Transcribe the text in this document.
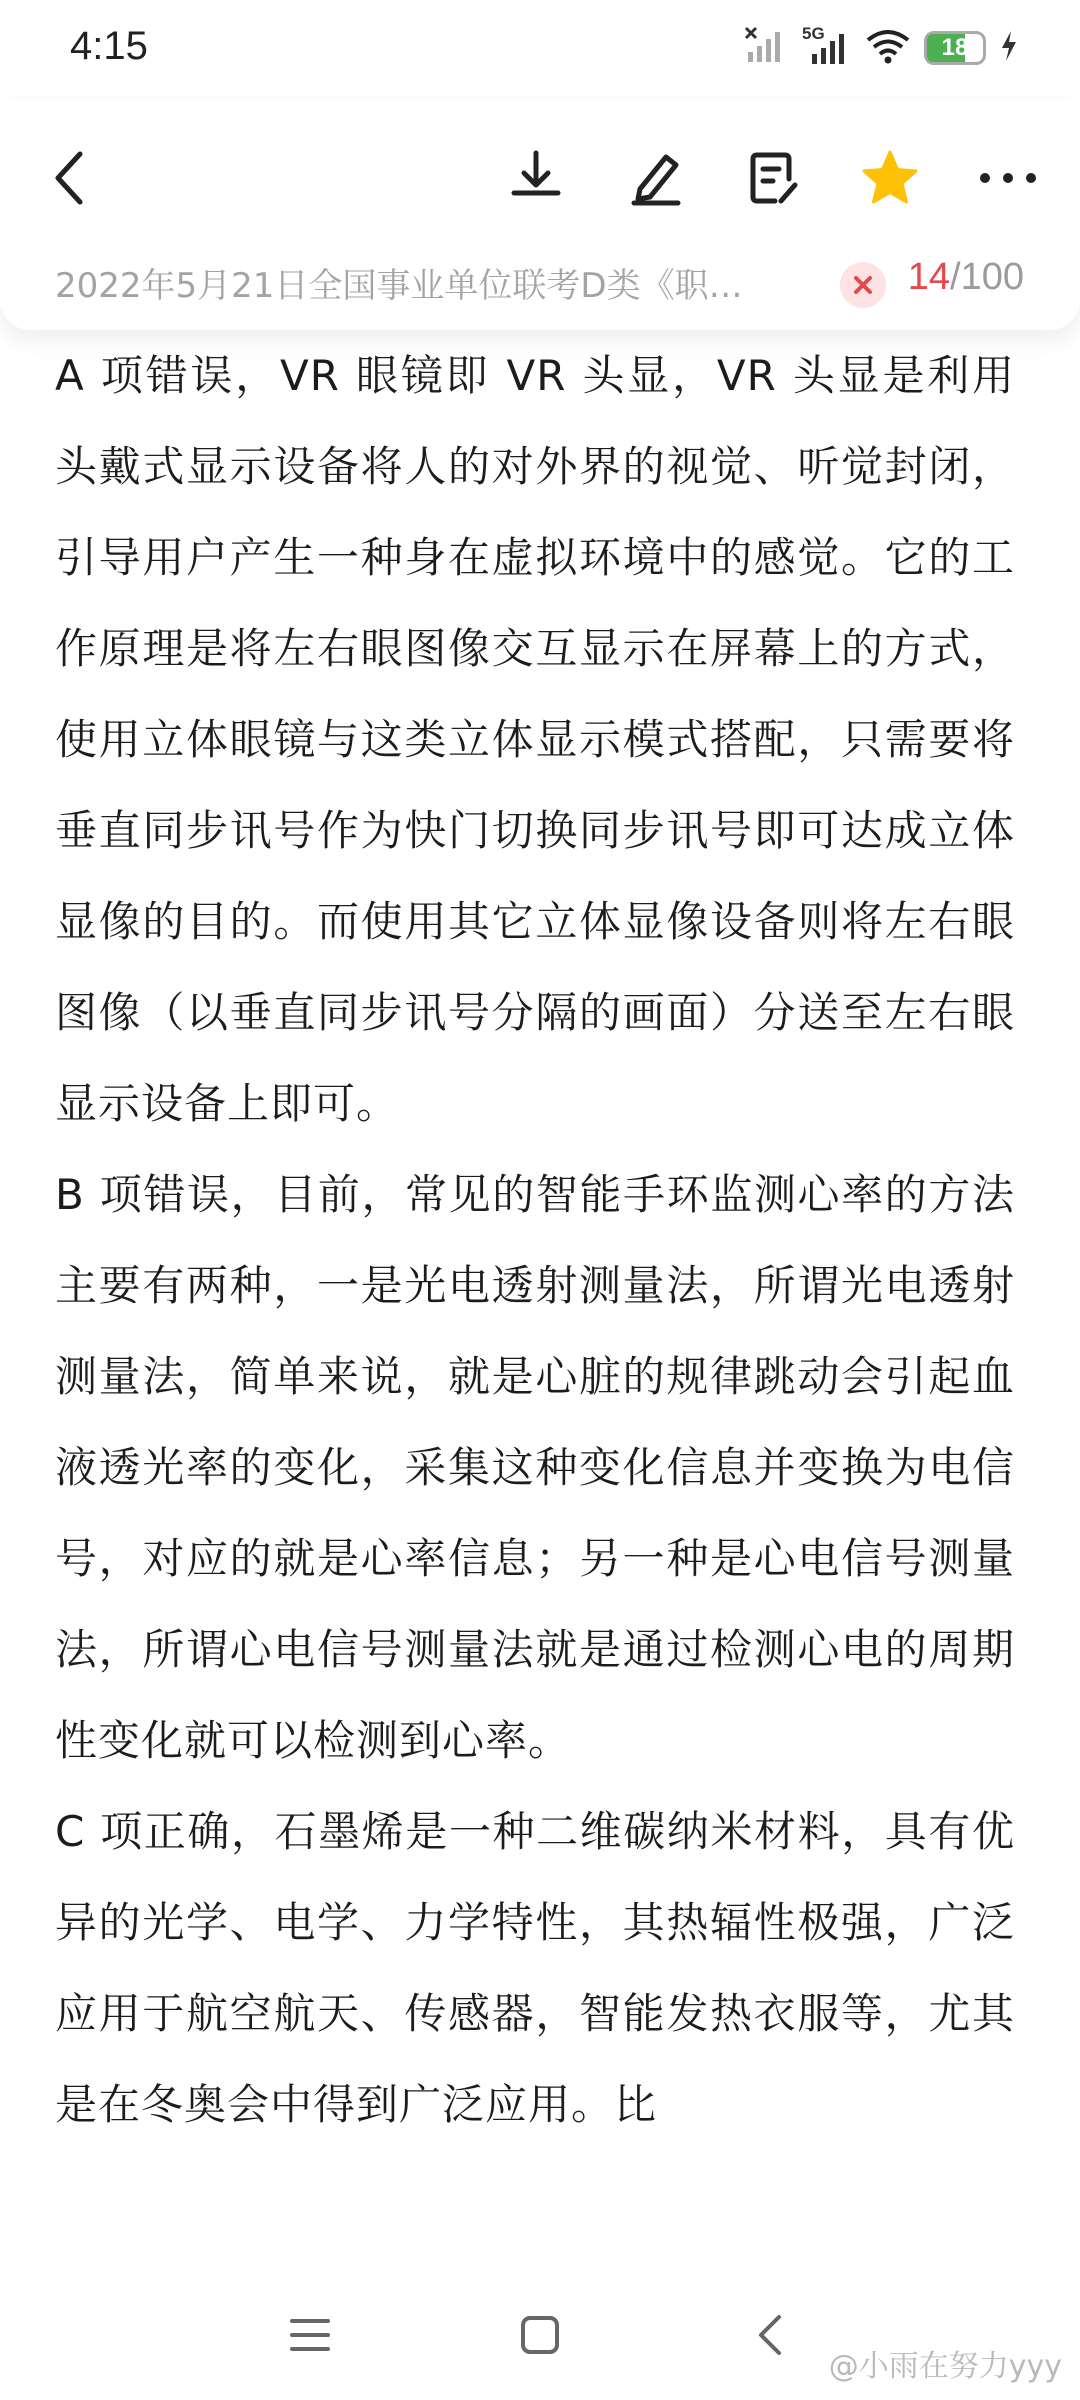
4:15	5G
18
2022年5月21日全国事业单位联考D类《职…	14/100

A 项错误，VR 眼镜即 VR 头显，VR 头显是利用头戴式显示设备将人的对外界的视觉、听觉封闭，引导用户产生一种身在虚拟环境中的感觉。它的工作原理是将左右眼图像交互显示在屏幕上的方式，使用立体眼镜与这类立体显示模式搭配，只需要将垂直同步讯号作为快门切换同步讯号即可达成立体显像的目的。而使用其它立体显像设备则将左右眼图像（以垂直同步讯号分隔的画面）分送至左右眼显示设备上即可。

B 项错误，目前，常见的智能手环监测心率的方法主要有两种，一是光电透射测量法，所谓光电透射测量法，简单来说，就是心脏的规律跳动会引起血液透光率的变化，采集这种变化信息并变换为电信号，对应的就是心率信息；另一种是心电信号测量法，所谓心电信号测量法就是通过检测心电的周期性变化就可以检测到心率。

C 项正确，石墨烯是一种二维碳纳米材料，具有优异的光学、电学、力学特性，其热辐性极强，广泛应用于航空航天、传感器，智能发热衣服等，尤其是在冬奥会中得到广泛应用。比

@小雨在努力yyy
